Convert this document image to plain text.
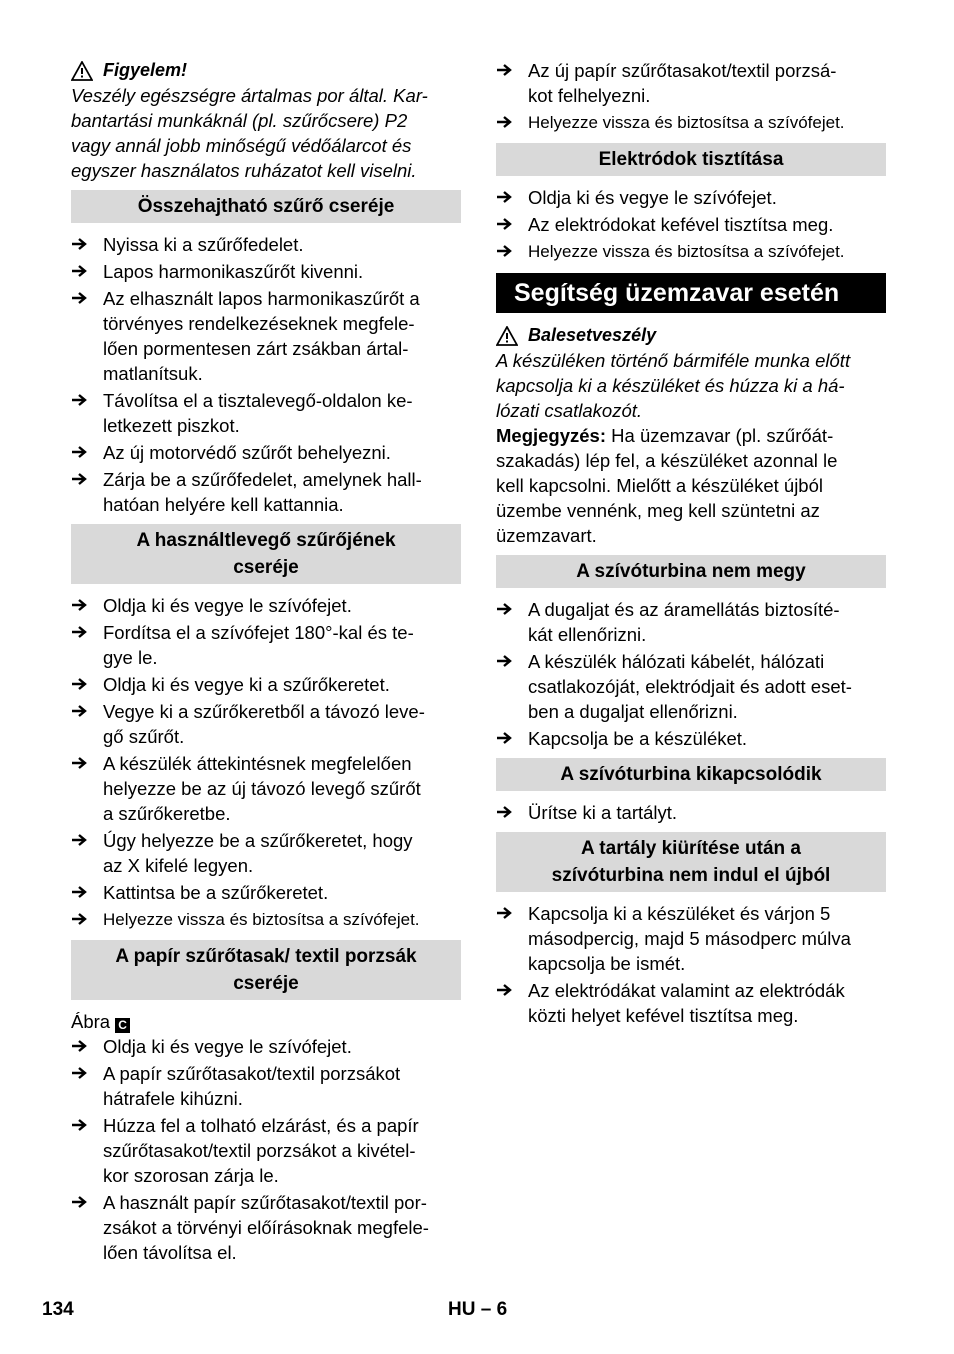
Figyelem!

Veszély egészségre ártalmas por által. Kar-

bantartási munkáknál (pl. szűrőcsere) P2

vagy annál jobb minőségű védőálarcot és

egyszer használatos ruházatot kell viselni.

Összehajtható szűrő cseréje
Nyissa ki a szűrőfedelet.
Lapos harmonikaszűrőt kivenni.
Az elhasznált lapos harmonikaszűrőt a
törvényes rendelkezéseknek megfele-
lően pormentesen zárt zsákban ártal-
matlanítsuk.
Távolítsa el a tisztalevegő-oldalon ke-
letkezett piszkot.
Az új motorvédő szűrőt behelyezni.
Zárja be a szűrőfedelet, amelynek hall-
hatóan helyére kell kattannia.
A használtlevegő szűrőjének
cseréje
Oldja ki és vegye le szívófejet.
Fordítsa el a szívófejet 180°-kal és te-
gye le.
Oldja ki és vegye ki a szűrőkeretet.
Vegye ki a szűrőkeretből a távozó leve-
gő szűrőt.
A készülék áttekintésnek megfelelően
helyezze be az új távozó levegő szűrőt
a szűrőkeretbe.
Úgy helyezze be a szűrőkeretet, hogy
az X kifelé legyen.
Kattintsa be a szűrőkeretet.
Helyezze vissza és biztosítsa a szívófejet.
A papír szűrőtasak/ textil porzsák
cseréje
Ábra C
Oldja ki és vegye le szívófejet.
A papír szűrőtasakot/textil porzsákot
hátrafele kihúzni.
Húzza fel a tolható elzárást, és a papír
szűrőtasakot/textil porzsákot a kivétel-
kor szorosan zárja le.
A használt papír szűrőtasakot/textil por-
zsákot a törvényi előírásoknak megfele-
lően távolítsa el.
Az új papír szűrőtasakot/textil porzsá-
kot felhelyezni.
Helyezze vissza és biztosítsa a szívófejet.
Elektródok tisztítása
Oldja ki és vegye le szívófejet.
Az elektródokat kefével tisztítsa meg.
Helyezze vissza és biztosítsa a szívófejet.
Segítség üzemzavar esetén
Balesetveszély

A készüléken történő bármiféle munka előtt

kapcsolja ki a készüléket és húzza ki a há-

lózati csatlakozót.

Megjegyzés: Ha üzemzavar (pl. szűrőát-

szakadás) lép fel, a készüléket azonnal le

kell kapcsolni. Mielőtt a készüléket újból

üzembe vennénk, meg kell szüntetni az

üzemzavart.

A szívóturbina nem megy
A dugaljat és az áramellátás biztosíté-
kát ellenőrizni.
A készülék hálózati kábelét, hálózati
csatlakozóját, elektródjait és adott eset-
ben a dugaljat ellenőrizni.
Kapcsolja be a készüléket.
A szívóturbina kikapcsolódik
Ürítse ki a tartályt.
A tartály kiürítése után a
szívóturbina nem indul el újból
Kapcsolja ki a készüléket és várjon 5
másodpercig, majd 5 másodperc múlva
kapcsolja be ismét.
Az elektródákat valamint az elektródák
közti helyet kefével tisztítsa meg.
134	HU – 6
